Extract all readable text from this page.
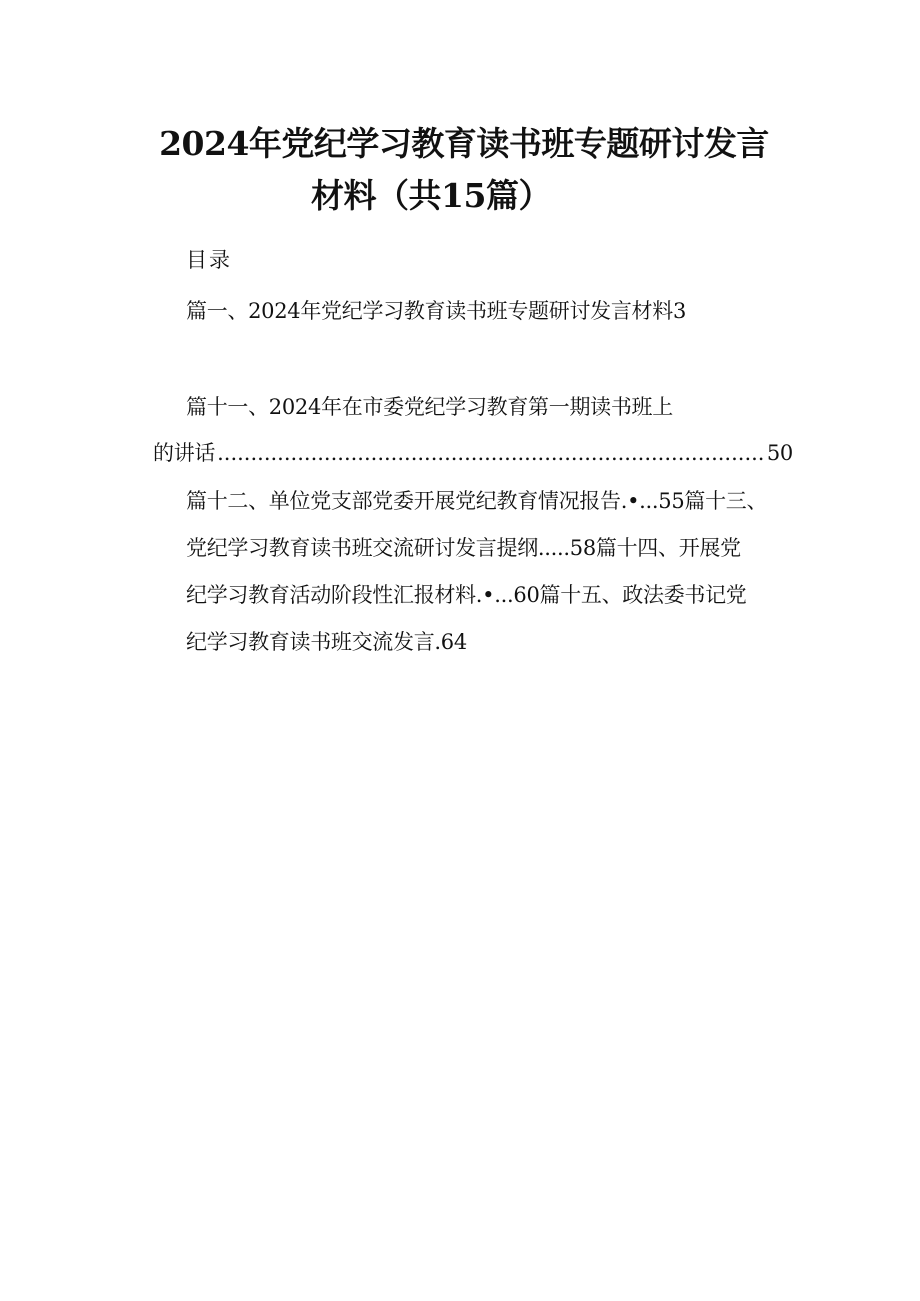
2024年党纪学习教育读书班专题研讨发言
材料（共15篇）
目录
篇一、2024年党纪学习教育读书班专题研讨发言材料3
篇十一、2024年在市委党纪学习教育第一期读书班上
的讲话
.....	50
篇十二、单位党支部党委开展党纪教育情况报告.•...55篇十三、
党纪学习教育读书班交流研讨发言提纲.....58篇十四、开展党
纪学习教育活动阶段性汇报材料.•...60篇十五、政法委书记党
纪学习教育读书班交流发言.64
